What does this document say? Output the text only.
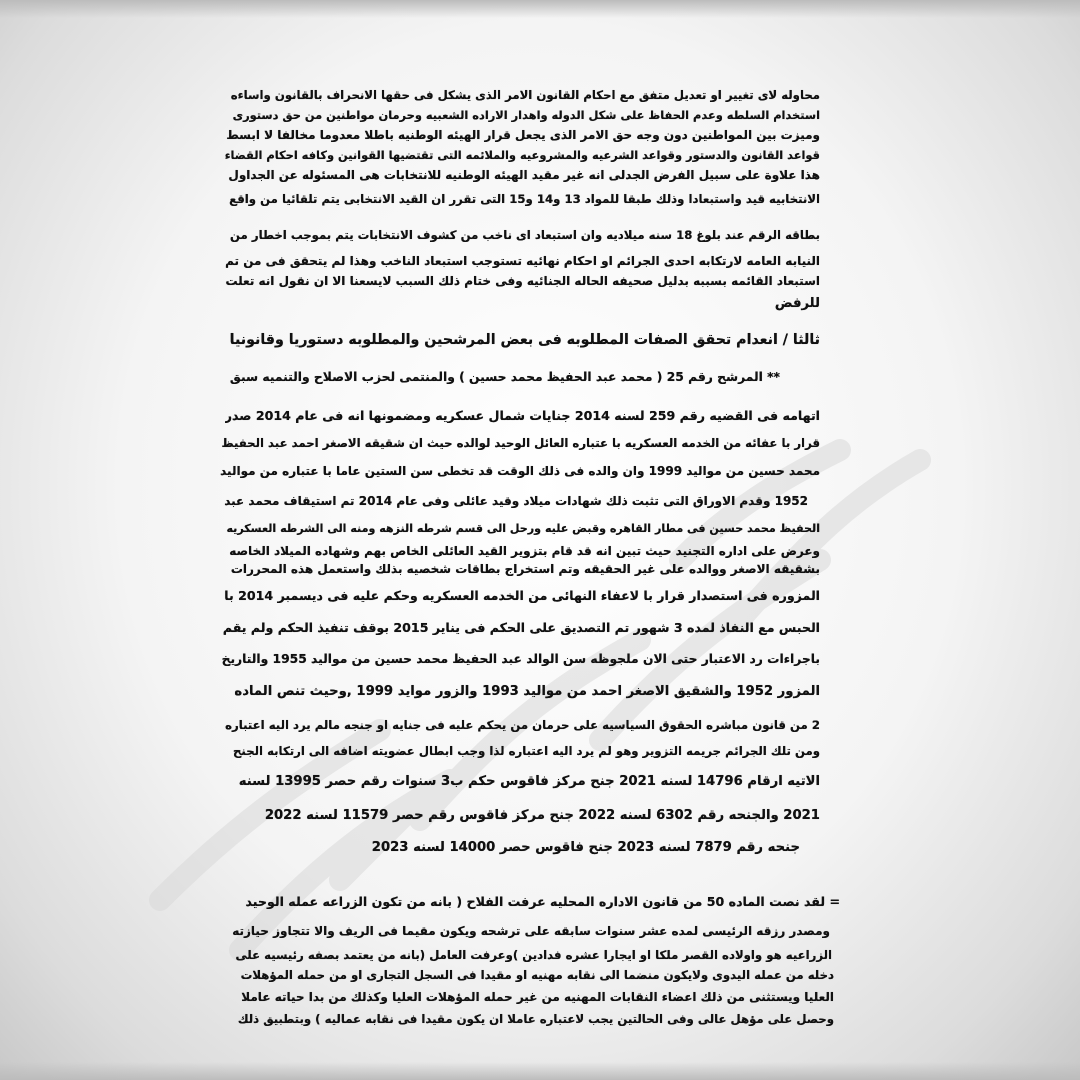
محاوله لاى تغيير او تعديل متفق مع احكام القانون الامر الذى يشكل فى حقها الانحراف بالقانون واساءه
استخدام السلطه وعدم الحفاظ على شكل الدوله واهدار الاراده الشعبيه وحرمان مواطنين من حق دستورى
وميزت بين المواطنين دون وجه حق الامر الذى يجعل قرار الهيئه الوطنيه باطلا معدوما مخالفا لا ابسط
قواعد القانون والدستور وقواعد الشرعيه والمشروعيه والملائمه التى تقتضيها القوانين وكافه احكام القضاء
هذا علاوة على سبيل الفرض الجدلى انه غير مقيد الهيئه الوطنيه للانتخابات هى المسئوله عن الجداول
الانتخابيه قيد واستبعادا وذلك طبقا للمواد 13 و14 و15 التى تقرر ان القيد الانتخابى يتم تلقائيا من واقع
بطاقه الرقم عند بلوغ 18 سنه ميلاديه وان استبعاد اى ناخب من كشوف الانتخابات يتم بموجب اخطار من
النيابه العامه لارتكابه احدى الجرائم او احكام نهائيه تستوجب استبعاد الناخب وهذا لم يتحقق فى من تم
استبعاد القائمه بسببه بدليل صحيفه الحاله الجنائيه وفى ختام ذلك السبب لايسعنا الا ان نقول انه تعلت
للرفض
ثالثا / انعدام تحقق الصفات المطلوبه فى بعض المرشحين والمطلوبه دستوريا وقانونيا
** المرشح رقم 25 ( محمد عبد الحفيظ محمد حسين ) والمنتمى لحزب الاصلاح والتنميه سبق
اتهامه فى القضيه رقم 259 لسنه 2014 جنايات شمال عسكريه ومضمونها انه فى عام 2014 صدر
قرار با عفائه من الخدمه العسكريه با عتباره العائل الوحيد لوالده حيث ان شقيقه الاصغر احمد عبد الحفيظ
محمد حسين من مواليد 1999 وان والده فى ذلك الوقت قد تخطى سن الستين عاما با عتباره من مواليد
1952 وقدم الاوراق التى تثبت ذلك شهادات ميلاد وقيد عائلى وفى عام 2014 تم استيقاف محمد عبد
الحفيظ محمد حسين فى مطار القاهره وقبض عليه ورحل الى قسم شرطه النزهه ومنه الى الشرطه العسكريه
وعرض على اداره التجنيد حيث تبين انه قد قام بتزوير القيد العائلى الخاص بهم وشهاده الميلاد الخاصه
بشقيقه الاصغر ووالده على غير الحقيقه وتم استخراج بطاقات شخصيه بذلك واستعمل هذه المحررات
المزوره فى استصدار قرار با لاعفاء النهائى من الخدمه العسكريه وحكم عليه فى ديسمبر 2014 با
الحبس مع النفاذ لمده 3 شهور تم التصديق على الحكم فى يناير 2015 بوقف تنفيذ الحكم ولم يقم
باجراءات رد الاعتبار حتى الان ملجوظه سن الوالد عبد الحفيظ محمد حسين من مواليد 1955 والتاريخ
المزور 1952 والشقيق الاصغر احمد من مواليد 1993 والزور موايد 1999 ,وحيث تنص الماده
2 من قانون مباشره الحقوق السياسيه على حرمان من يحكم عليه فى جنايه او جنجه مالم يرد اليه اعتباره
ومن تلك الجرائم جريمه التزوير وهو لم يرد اليه اعتباره لذا وجب ابطال عضويته اضافه الى ارتكابه الجنح
الاتيه ارقام 14796 لسنه 2021 جنح مركز فاقوس حكم ب3 سنوات رقم حصر 13995 لسنه
2021 والجنحه رقم 6302 لسنه 2022 جنح مركز فاقوس رقم حصر 11579 لسنه 2022
جنحه رقم 7879 لسنه 2023 جنح فاقوس حصر 14000 لسنه 2023
= لقد نصت الماده 50 من قانون الاداره المحليه عرفت الفلاح ( بانه من تكون الزراعه عمله الوحيد
ومصدر رزقه الرئيسى لمده عشر سنوات سابقه على ترشحه ويكون مقيما فى الريف والا تتجاوز حيازته
الزراعيه هو واولاده القصر ملكا او ايجارا عشره فدادين )وعرفت العامل (بانه من يعتمد بصفه رئيسيه على
دخله من عمله اليدوى ولايكون منضما الى نقابه مهنيه او مقيدا فى السجل التجارى او من حمله المؤهلات
العليا ويستثنى من ذلك اعضاء النقابات المهنيه من غير حمله المؤهلات العليا وكذلك من بدا حياته عاملا
وحصل على مؤهل عالى وفى الحالتين يجب لاعتباره عاملا ان يكون مقيدا فى نقابه عماليه ) وبتطبيق ذلك
